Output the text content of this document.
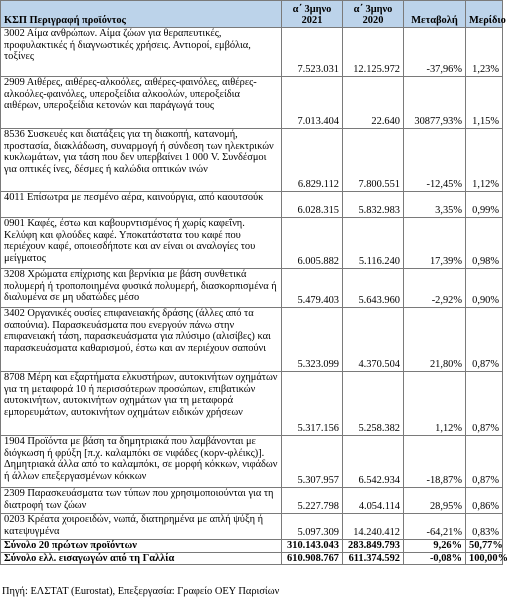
ΚΣΠ Περιγραφή προϊόντος	α΄ 3μηνο 2021	α΄ 3μηνο 2020	Μεταβολή	Μερίδιο
3002 Αίμα ανθρώπων. Αίμα ζώων για θεραπευτικές, προφυλακτικές ή διαγνωστικές χρήσεις. Αντιοροί, εμβόλια, τοξίνες	7.523.031	12.125.972	-37,96%	1,23%
2909 Αιθέρες, αιθέρες-αλκοόλες, αιθέρες-φαινόλες, αιθέρες-αλκοόλες-φαινόλες, υπεροξείδια αλκοολών, υπεροξείδια αιθέρων, υπεροξείδια κετονών και παράγωγά τους	7.013.404	22.640	30877,93%	1,15%
8536 Συσκευές και διατάξεις για τη διακοπή, κατανομή, προστασία, διακλάδωση, συναρμογή ή σύνδεση των ηλεκτρικών κυκλωμάτων, για τάση που δεν υπερβαίνει 1 000 V. Συνδέσμοι για οπτικές ίνες, δέσμες ή καλώδια οπτικών ινών	6.829.112	7.800.551	-12,45%	1,12%
4011 Επίσωτρα με πεσμένο αέρα, καινούργια, από καουτσούκ	6.028.315	5.832.983	3,35%	0,99%
0901 Καφές, έστω και καβουρντισμένος ή χωρίς καφεΐνη. Κελύφη και φλούδες καφέ. Υποκατάστατα του καφέ που περιέχουν καφέ, οποιεσδήποτε και αν είναι οι αναλογίες του μείγματος	6.005.882	5.116.240	17,39%	0,98%
3208 Χρώματα επίχρισης και βερνίκια με βάση συνθετικά πολυμερή ή τροποποιημένα φυσικά πολυμερή, διασκορπισμένα ή διαλυμένα σε μη υδατώδες μέσο	5.479.403	5.643.960	-2,92%	0,90%
3402 Οργανικές ουσίες επιφανειακής δράσης (άλλες από τα σαπούνια). Παρασκευάσματα που ενεργούν πάνω στην επιφανειακή τάση, παρασκευάσματα για πλύσιμο (αλισίβες) και παρασκευάσματα καθαρισμού, έστω και αν περιέχουν σαπούνι	5.323.099	4.370.504	21,80%	0,87%
8708 Μέρη και εξαρτήματα ελκυστήρων, αυτοκινήτων οχημάτων για τη μεταφορά 10 ή περισσότερων προσώπων, επιβατικών αυτοκινήτων, αυτοκινήτων οχημάτων για τη μεταφορά εμπορευμάτων, αυτοκινήτων οχημάτων ειδικών χρήσεων	5.317.156	5.258.382	1,12%	0,87%
1904 Προϊόντα με βάση τα δημητριακά που λαμβάνονται με διόγκωση ή φρύξη [π.χ. καλαμπόκι σε νιφάδες (κορν-φλέικς)]. Δημητριακά άλλα από το καλαμπόκι, σε μορφή κόκκων, νιφάδων ή άλλων επεξεργασμένων κόκκων	5.307.957	6.542.934	-18,87%	0,87%
2309 Παρασκευάσματα των τύπων που χρησιμοποιούνται για τη διατροφή των ζώων	5.227.798	4.054.114	28,95%	0,86%
0203 Κρέατα χοιροειδών, νωπά, διατηρημένα με απλή ψύξη ή κατεψυγμένα	5.097.309	14.240.412	-64,21%	0,83%
Σύνολο 20 πρώτων προϊόντων	310.143.043	283.849.793	9,26%	50,77%
Σύνολο ελλ. εισαγωγών από τη Γαλλία	610.908.767	611.374.592	-0,08%	100,00%
Πηγή: ΕΛΣΤΑΤ (Eurostat), Επεξεργασία: Γραφείο ΟΕΥ Παρισίων
